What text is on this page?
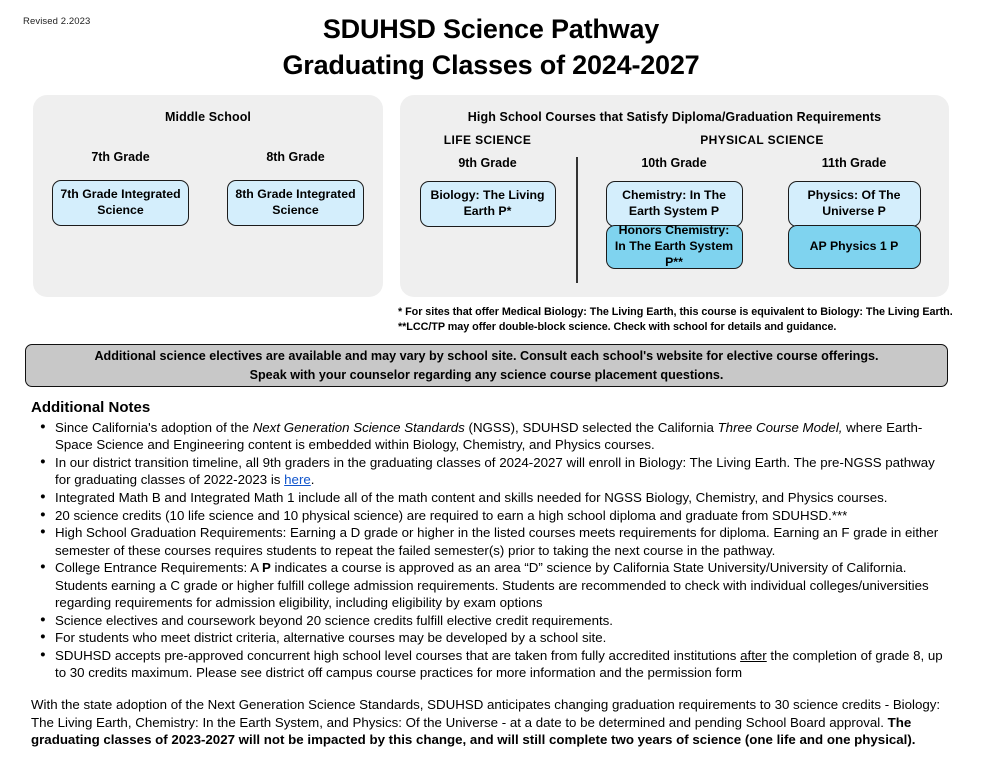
Revised 2.2023	SDUHSD Science Pathway
Graduating Classes of 2024-2027
Middle School
7th Grade	8th Grade
7th Grade Integrated Science
8th Grade Integrated Science
High School Courses that Satisfy Diploma/Graduation Requirements
LIFE SCIENCE	PHYSICAL SCIENCE
9th Grade	10th Grade	11th Grade
Biology: The Living Earth P*
Chemistry: In The Earth System P
Honors Chemistry: In The Earth System P**
Physics: Of The Universe P
AP Physics 1 P
* For sites that offer Medical Biology: The Living Earth, this course is equivalent to Biology: The Living Earth.
**LCC/TP may offer double-block science. Check with school for details and guidance.
Additional science electives are available and may vary by school site. Consult each school's website for elective course offerings.
Speak with your counselor regarding any science course placement questions.
Additional Notes
● Since California's adoption of the Next Generation Science Standards (NGSS), SDUHSD selected the California Three Course Model, where Earth-Space Science and Engineering content is embedded within Biology, Chemistry, and Physics courses.
● In our district transition timeline, all 9th graders in the graduating classes of 2024-2027 will enroll in Biology: The Living Earth. The pre-NGSS pathway for graduating classes of 2022-2023 is here.
● Integrated Math B and Integrated Math 1 include all of the math content and skills needed for NGSS Biology, Chemistry, and Physics courses.
● 20 science credits (10 life science and 10 physical science) are required to earn a high school diploma and graduate from SDUHSD.***
● High School Graduation Requirements: Earning a D grade or higher in the listed courses meets requirements for diploma. Earning an F grade in either semester of these courses requires students to repeat the failed semester(s) prior to taking the next course in the pathway.
● College Entrance Requirements: A P indicates a course is approved as an area “D” science by California State University/University of California. Students earning a C grade or higher fulfill college admission requirements. Students are recommended to check with individual colleges/universities regarding requirements for admission eligibility, including eligibility by exam options
● Science electives and coursework beyond 20 science credits fulfill elective credit requirements.
● For students who meet district criteria, alternative courses may be developed by a school site.
● SDUHSD accepts pre-approved concurrent high school level courses that are taken from fully accredited institutions after the completion of grade 8, up to 30 credits maximum. Please see district off campus course practices for more information and the permission form
With the state adoption of the Next Generation Science Standards, SDUHSD anticipates changing graduation requirements to 30 science credits - Biology: The Living Earth, Chemistry: In the Earth System, and Physics: Of the Universe - at a date to be determined and pending School Board approval. The graduating classes of 2023-2027 will not be impacted by this change, and will still complete two years of science (one life and one physical).
